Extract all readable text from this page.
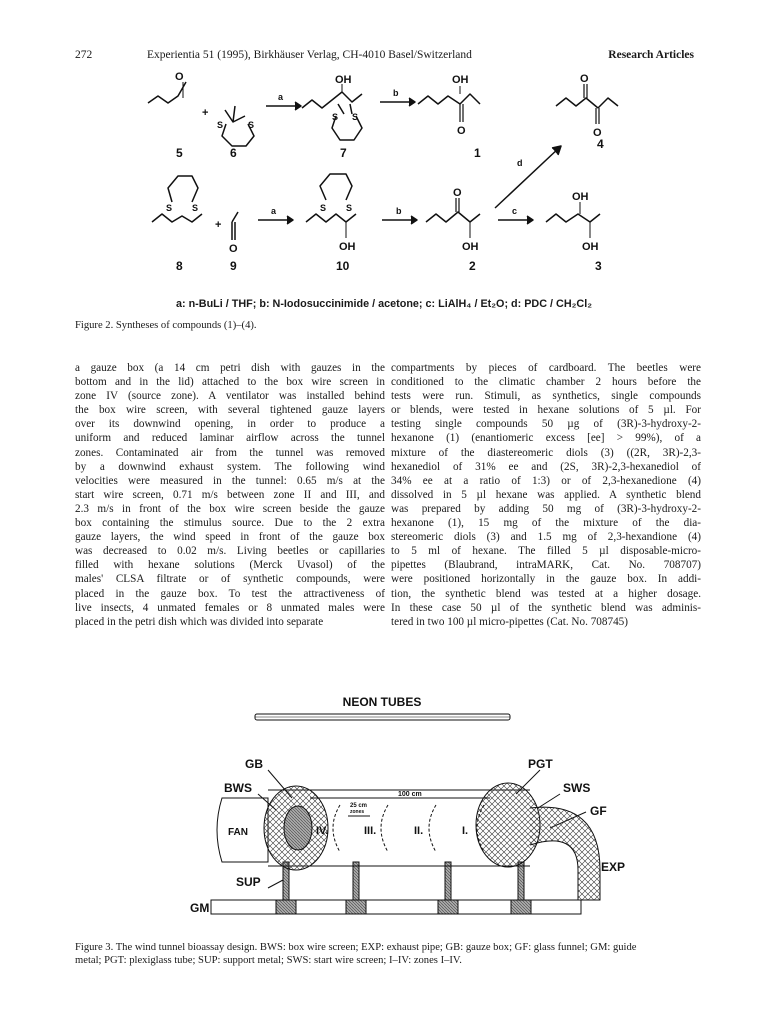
272	Experientia 51 (1995), Birkhäuser Verlag, CH-4010 Basel/Switzerland	Research Articles
O
+
S	S
a
OH
S S
b
OH
O
O
O
d
S S
+
O
a	S S
OH
b
O
OH
c
OH
OH
5	6	7	1
4
8	9	10	2	3
a: n-BuLi / THF; b: N-Iodosuccinimide / acetone; c: LiAlH₄ / Et₂O; d: PDC / CH₂Cl₂
Figure 2. Syntheses of compounds (1)–(4).
a gauze box (a 14 cm petri dish with gauzes in the
bottom and in the lid) attached to the box wire screen in
zone IV (source zone). A ventilator was installed behind
the box wire screen, with several tightened gauze layers
over its downwind opening, in order to produce a
uniform and reduced laminar airflow across the tunnel
zones. Contaminated air from the tunnel was removed
by a downwind exhaust system. The following wind
velocities were measured in the tunnel: 0.65 m/s at the
start wire screen, 0.71 m/s between zone II and III, and
2.3 m/s in front of the box wire screen beside the gauze
box containing the stimulus source. Due to the 2 extra
gauze layers, the wind speed in front of the gauze box
was decreased to 0.02 m/s. Living beetles or capillaries
filled with hexane solutions (Merck Uvasol) of the
males' CLSA filtrate or of synthetic compounds, were
placed in the gauze box. To test the attractiveness of
live insects, 4 unmated females or 8 unmated males were
placed in the petri dish which was divided into separate
compartments by pieces of cardboard. The beetles were
conditioned to the climatic chamber 2 hours before the
tests were run. Stimuli, as synthetics, single compounds
or blends, were tested in hexane solutions of 5 µl. For
testing single compounds 50 µg of (3R)-3-hydroxy-2-
hexanone (1) (enantiomeric excess [ee] > 99%), of a
mixture of the diastereomeric diols (3) ((2R, 3R)-2,3-
hexanediol of 31% ee and (2S, 3R)-2,3-hexanediol of
34% ee at a ratio of 1:3) or of 2,3-hexanedione (4)
dissolved in 5 µl hexane was applied. A synthetic blend
was prepared by adding 50 mg of (3R)-3-hydroxy-2-
hexanone (1), 15 mg of the mixture of the dia-
stereomeric diols (3) and 1.5 mg of 2,3-hexandione (4)
to 5 ml of hexane. The filled 5 µl disposable-micro-
pipettes (Blaubrand, intraMARK, Cat. No. 708707)
were positioned horizontally in the gauze box. In addi-
tion, the synthetic blend was tested at a higher dosage.
In these case 50 µl of the synthetic blend was adminis-
tered in two 100 µl micro-pipettes (Cat. No. 708745)
NEON TUBES
GB	PGT
BWS	SWS
GF
EXP
SUP
GM
FAN
100 cm
25 cm
zones
IV.	III.	II.	I.
Figure 3. The wind tunnel bioassay design. BWS: box wire screen; EXP: exhaust pipe; GB: gauze box; GF: glass funnel; GM: guide
metal; PGT: plexiglass tube; SUP: support metal; SWS: start wire screen; I–IV: zones I–IV.
